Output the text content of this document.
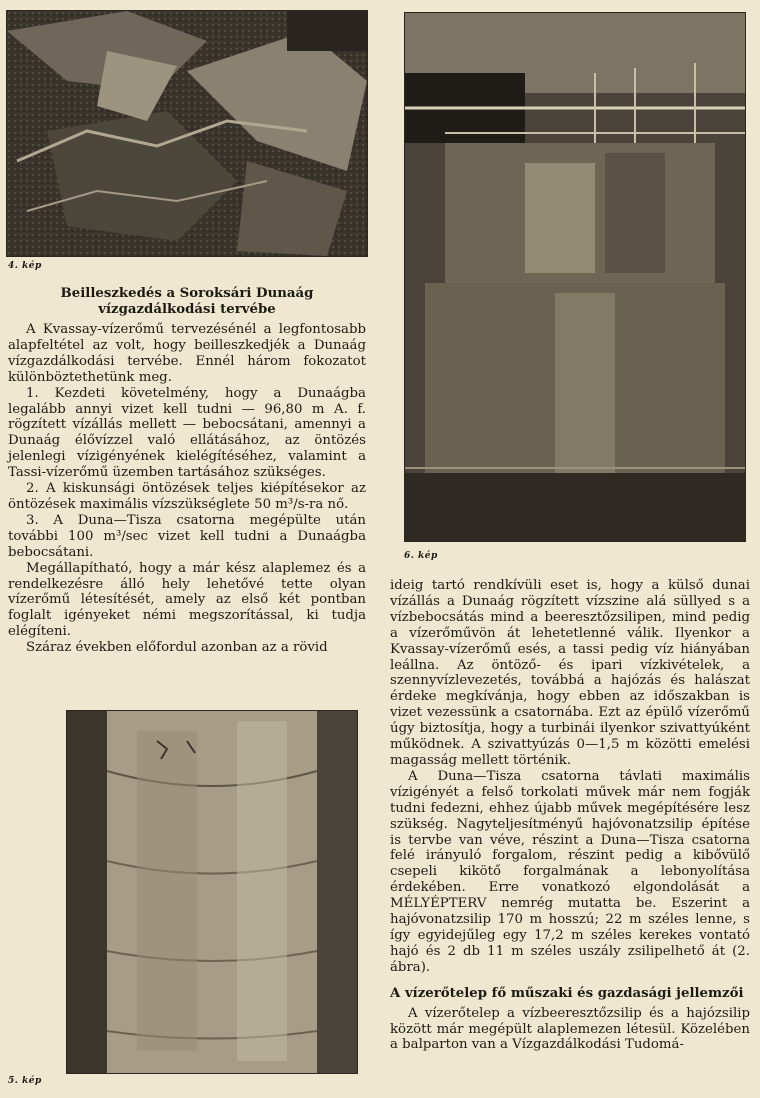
4. kép
Beilleszkedés a Soroksári Dunaág vízgazdálkodási tervébe

A Kvassay-vízerőmű tervezésénél a legfontosabb alapfeltétel az volt, hogy beilleszkedjék a Dunaág vízgazdálkodási tervébe. Ennél három fokozatot különböztethetünk meg.

1. Kezdeti követelmény, hogy a Dunaágba legalább annyi vizet kell tudni — 96,80 m A. f. rögzített vízállás mellett — bebocsátani, amennyi a Dunaág élővízzel való ellátásához, az öntözés jelenlegi vízigényének kielégítéséhez, valamint a Tassi-vízerőmű üzemben tartásához szükséges.

2. A kiskunsági öntözések teljes kiépítésekor az öntözések maximális vízszükséglete 50 m³/s-ra nő.

3. A Duna—Tisza csatorna megépülte után további 100 m³/sec vizet kell tudni a Dunaágba bebocsátani.

Megállapítható, hogy a már kész alaplemez és a rendelkezésre álló hely lehetővé tette olyan vízerőmű létesítését, amely az első két pontban foglalt igényeket némi megszorítással, ki tudja elégíteni.

Száraz években előfordul azonban az a rövid

5. kép
6. kép

ideig tartó rendkívüli eset is, hogy a külső dunai vízállás a Dunaág rögzített vízszine alá süllyed s a vízbebocsátás mind a beeresztőzsilipen, mind pedig a vízerőművön át lehetetlenné válik. Ilyenkor a Kvassay-vízerőmű esés, a tassi pedig víz hiányában leállna. Az öntöző- és ipari vízkivételek, a szennyvízlevezetés, továbbá a hajózás és halászat érdeke megkívánja, hogy ebben az időszakban is vizet vezessünk a csatornába. Ezt az épülő vízerőmű úgy biztosítja, hogy a turbinái ilyenkor szivattyúként működnek. A szivattyúzás 0—1,5 m közötti emelési magasság mellett történik.

A Duna—Tisza csatorna távlati maximális vízigényét a felső torkolati művek már nem fogják tudni fedezni, ehhez újabb művek megépítésére lesz szükség. Nagyteljesítményű hajóvonatzsilip építése is tervbe van véve, részint a Duna—Tisza csatorna felé irányuló forgalom, részint pedig a kibővülő csepeli kikötő forgalmának a lebonyolítása érdekében. Erre vonatkozó elgondolását a MÉLYÉPTERV nemrég mutatta be. Eszerint a hajóvonatzsilip 170 m hosszú; 22 m széles lenne, s így egyidejűleg egy 17,2 m széles kerekes vontató hajó és 2 db 11 m széles uszály zsilipelhető át (2. ábra).

A vízerőtelep fő műszaki és gazdasági jellemzői

A vízerőtelep a vízbeeresztőzsilip és a hajózsilip között már megépült alaplemezen létesül. Közelében a balparton van a Vízgazdálkodási Tudomá-
